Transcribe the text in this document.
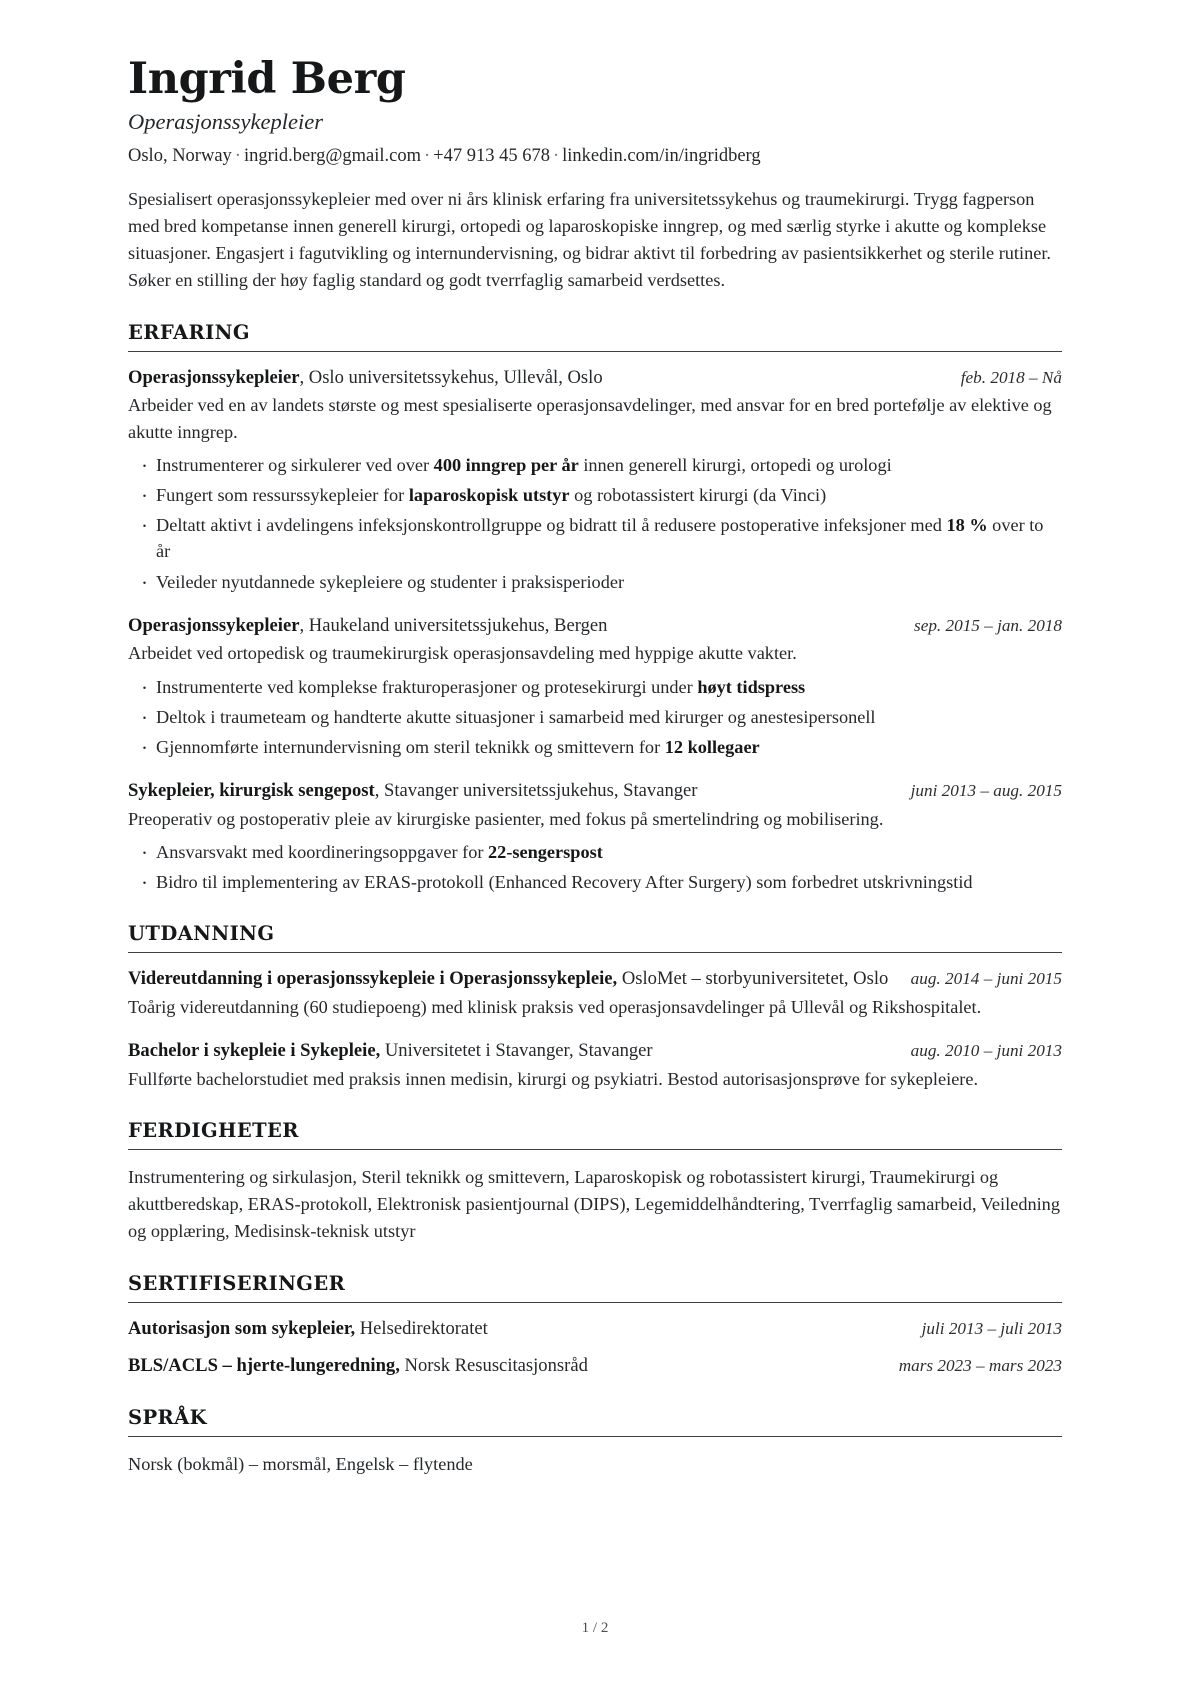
Ingrid Berg
Operasjonssykepleier
Oslo, Norway · ingrid.berg@gmail.com · +47 913 45 678 · linkedin.com/in/ingridberg

Spesialisert operasjonssykepleier med over ni års klinisk erfaring fra universitetssykehus og traumekirurgi. Trygg fagperson med bred kompetanse innen generell kirurgi, ortopedi og laparoskopiske inngrep, og med særlig styrke i akutte og komplekse situasjoner. Engasjert i fagutvikling og internundervisning, og bidrar aktivt til forbedring av pasientsikkerhet og sterile rutiner. Søker en stilling der høy faglig standard og godt tverrfaglig samarbeid verdsettes.

ERFARING
Operasjonssykepleier, Oslo universitetssykehus, Ullevål, Oslo	feb. 2018 – Nå

Arbeider ved en av landets største og mest spesialiserte operasjonsavdelinger, med ansvar for en bred portefølje av elektive og akutte inngrep.

· Instrumenterer og sirkulerer ved over 400 inngrep per år innen generell kirurgi, ortopedi og urologi
· Fungert som ressurssykepleier for laparoskopisk utstyr og robotassistert kirurgi (da Vinci)
· Deltatt aktivt i avdelingens infeksjonskontrollgruppe og bidratt til å redusere postoperative infeksjoner med 18 % over to år
· Veileder nyutdannede sykepleiere og studenter i praksisperioder
Operasjonssykepleier, Haukeland universitetssjukehus, Bergen	sep. 2015 – jan. 2018

Arbeidet ved ortopedisk og traumekirurgisk operasjonsavdeling med hyppige akutte vakter.

· Instrumenterte ved komplekse frakturoperasjoner og protesekirurgi under høyt tidspress
· Deltok i traumeteam og handterte akutte situasjoner i samarbeid med kirurger og anestesipersonell
· Gjennomførte internundervisning om steril teknikk og smittevern for 12 kollegaer
Sykepleier, kirurgisk sengepost, Stavanger universitetssjukehus, Stavanger	juni 2013 – aug. 2015

Preoperativ og postoperativ pleie av kirurgiske pasienter, med fokus på smertelindring og mobilisering.

· Ansvarsvakt med koordineringsoppgaver for 22-sengerspost
· Bidro til implementering av ERAS-protokoll (Enhanced Recovery After Surgery) som forbedret utskrivningstid
UTDANNING
Videreutdanning i operasjonssykepleie i Operasjonssykepleie, OsloMet – storbyuniversitetet, Oslo	aug. 2014 – juni 2015

Toårig videreutdanning (60 studiepoeng) med klinisk praksis ved operasjonsavdelinger på Ullevål og Rikshospitalet.

Bachelor i sykepleie i Sykepleie, Universitetet i Stavanger, Stavanger	aug. 2010 – juni 2013

Fullførte bachelorstudiet med praksis innen medisin, kirurgi og psykiatri. Bestod autorisasjonsprøve for sykepleiere.

FERDIGHETER

Instrumentering og sirkulasjon, Steril teknikk og smittevern, Laparoskopisk og robotassistert kirurgi, Traumekirurgi og akuttberedskap, ERAS-protokoll, Elektronisk pasientjournal (DIPS), Legemiddelhåndtering, Tverrfaglig samarbeid, Veiledning og opplæring, Medisinsk-teknisk utstyr

SERTIFISERINGER
Autorisasjon som sykepleier, Helsedirektoratet	juli 2013 – juli 2013
BLS/ACLS – hjerte-lungeredning, Norsk Resuscitasjonsråd	mars 2023 – mars 2023
SPRÅK

Norsk (bokmål) – morsmål, Engelsk – flytende

1 / 2
